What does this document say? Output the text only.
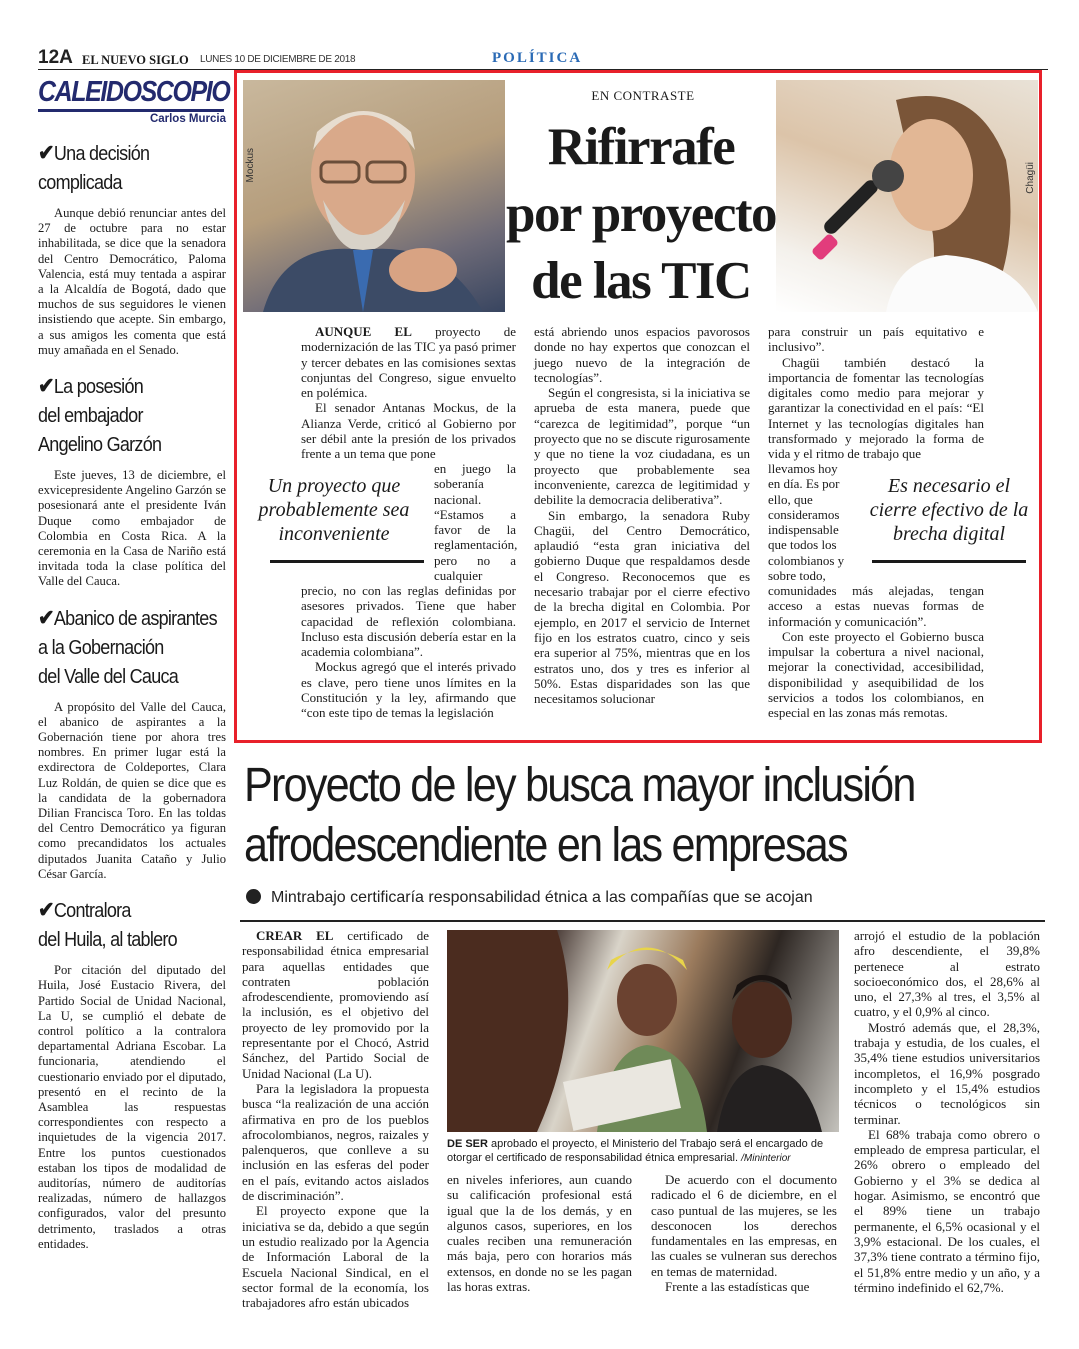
12A EL NUEVO SIGLO LUNES 10 DE DICIEMBRE DE 2018	POLÍTICA
CALEIDOSCOPIO
Carlos Murcia
✔Una decisión
complicada

Aunque debió renunciar antes del 27 de octubre para no estar inhabilitada, se dice que la senadora del Centro Democrático, Paloma Valencia, está muy tentada a aspirar a la Alcaldía de Bogotá, dado que muchos de sus seguidores le vienen insistiendo que acepte. Sin embargo, a sus amigos les comenta que está muy amañada en el Senado.

✔La posesión
del embajador
Angelino Garzón

Este jueves, 13 de diciembre, el exvicepresidente Angelino Garzón se posesionará ante el presidente Iván Duque como embajador de Colombia en Costa Rica. A la ceremonia en la Casa de Nariño está invitada toda la clase política del Valle del Cauca.

✔Abanico de aspirantes
a la Gobernación
del Valle del Cauca

A propósito del Valle del Cauca, el abanico de aspirantes a la Gobernación tiene por ahora tres nombres. En primer lugar está la exdirectora de Coldeportes, Clara Luz Roldán, de quien se dice que es la candidata de la gobernadora Dilian Francisca Toro. En las toldas del Centro Democrático ya figuran como precandidatos los actuales diputados Juanita Cataño y Julio César García.

✔Contralora
del Huila, al tablero

Por citación del diputado del Huila, José Eustacio Rivera, del Partido Social de Unidad Nacional, La U, se cumplió el debate de control político a la contralora departamental Adriana Escobar. La funcionaria, atendiendo el cuestionario enviado por el diputado, presentó en el recinto de la Asamblea las respuestas correspondientes con respecto a inquietudes de la vigencia 2017. Entre los puntos cuestionados estaban los tipos de modalidad de auditorías, número de auditorías realizadas, número de hallazgos configurados, valor del presunto detrimento, traslados a otras entidades.

Mockus	Chagüi
EN CONTRASTE
Rifirrafe
por proyecto
de las TIC

AUNQUE EL proyecto de modernización de las TIC ya pasó primer y tercer debates en las comisiones sextas conjuntas del Congreso, sigue envuelto en polémica.

El senador Antanas Mockus, de la Alianza Verde, criticó al Gobierno por ser débil ante la presión de los privados frente a un tema que pone

en juego la soberanía nacional. “Estamos a favor de la reglamentación, pero no a cualquier

Un proyecto que probablemente sea inconveniente

precio, no con las reglas definidas por asesores privados. Tiene que haber capacidad de reflexión colombiana. Incluso esta discusión debería estar en la academia colombiana”.

Mockus agregó que el interés privado es clave, pero tiene unos límites en la Constitución y la ley, afirmando que “con este tipo de temas la legislación

está abriendo unos espacios pavorosos donde no hay expertos que conozcan el juego nuevo de la integración de tecnologías”.

Según el congresista, si la iniciativa se aprueba de esta manera, puede que “carezca de legitimidad”, porque “un proyecto que no se discute rigurosamente y que no tiene la voz ciudadana, es un proyecto que probablemente sea inconveniente, carezca de legitimidad y debilite la democracia deliberativa”.

Sin embargo, la senadora Ruby Chagüi, del Centro Democrático, aplaudió “esta gran iniciativa del gobierno Duque que respaldamos desde el Congreso. Reconocemos que es necesario trabajar por el cierre efectivo de la brecha digital en Colombia. Por ejemplo, en 2017 el servicio de Internet fijo en los estratos cuatro, cinco y seis era superior al 75%, mientras que en los estratos uno, dos y tres es inferior al 50%. Estas disparidades son las que necesitamos solucionar

para construir un país equitativo e inclusivo”.

Chagüi también destacó la importancia de fomentar las tecnologías digitales como medio para mejorar y garantizar la conectividad en el país: “El Internet y las tecnologías digitales han transformado y mejorado la forma de vida y el ritmo de trabajo que

llevamos hoy en día. Es por ello, que consideramos indispensable que todos los colombianos y sobre todo,

Es necesario el cierre efectivo de la brecha digital

comunidades más alejadas, tengan acceso a estas nuevas formas de información y comunicación”.

Con este proyecto el Gobierno busca impulsar la cobertura a nivel nacional, mejorar la conectividad, accesibilidad, disponibilidad y asequibilidad de los servicios a todos los colombianos, en especial en las zonas más remotas.

Proyecto de ley busca mayor inclusión
afrodescendiente en las empresas
Mintrabajo certificaría responsabilidad étnica a las compañías que se acojan

CREAR EL certificado de responsabilidad étnica empresarial para aquellas entidades que contraten población afrodescendiente, promoviendo así la inclusión, es el objetivo del proyecto de ley promovido por la representante por el Chocó, Astrid Sánchez, del Partido Social de Unidad Nacional (La U).

Para la legisladora la propuesta busca “la realización de una acción afirmativa en pro de los pueblos afrocolombianos, negros, raizales y palenqueros, que conlleve a su inclusión en las esferas del poder en el país, evitando actos aislados de discriminación”.

El proyecto expone que la iniciativa se da, debido a que según un estudio realizado por la Agencia de Información Laboral de la Escuela Nacional Sindical, en el sector formal de la economía, los trabajadores afro están ubicados

DE SER aprobado el proyecto, el Ministerio del Trabajo será el encargado de otorgar el certificado de responsabilidad étnica empresarial. /Mininterior

en niveles inferiores, aun cuando su calificación profesional está igual que la de los demás, y en algunos casos, superiores, en los cuales reciben una remuneración más baja, pero con horarios más extensos, en donde no se les pagan las horas extras.

De acuerdo con el documento radicado el 6 de diciembre, en el caso puntual de las mujeres, se les desconocen los derechos fundamentales en las empresas, en las cuales se vulneran sus derechos en temas de maternidad.

Frente a las estadísticas que

arrojó el estudio de la población afro descendiente, el 39,8% pertenece al estrato socioeconómico dos, el 28,6% al uno, el 27,3% al tres, el 3,5% al cuatro, y el 0,9% al cinco.

Mostró además que, el 28,3%, trabaja y estudia, de los cuales, el 35,4% tiene estudios universitarios incompletos, el 16,9% posgrado incompleto y el 15,4% estudios técnicos o tecnológicos sin terminar.

El 68% trabaja como obrero o empleado de empresa particular, el 26% obrero o empleado del Gobierno y el 3% se dedica al hogar. Asimismo, se encontró que el 89% tiene un trabajo permanente, el 6,5% ocasional y el 3,9% estacional. De los cuales, el 37,3% tiene contrato a término fijo, el 51,8% entre medio y un año, y a término indefinido el 62,7%.
